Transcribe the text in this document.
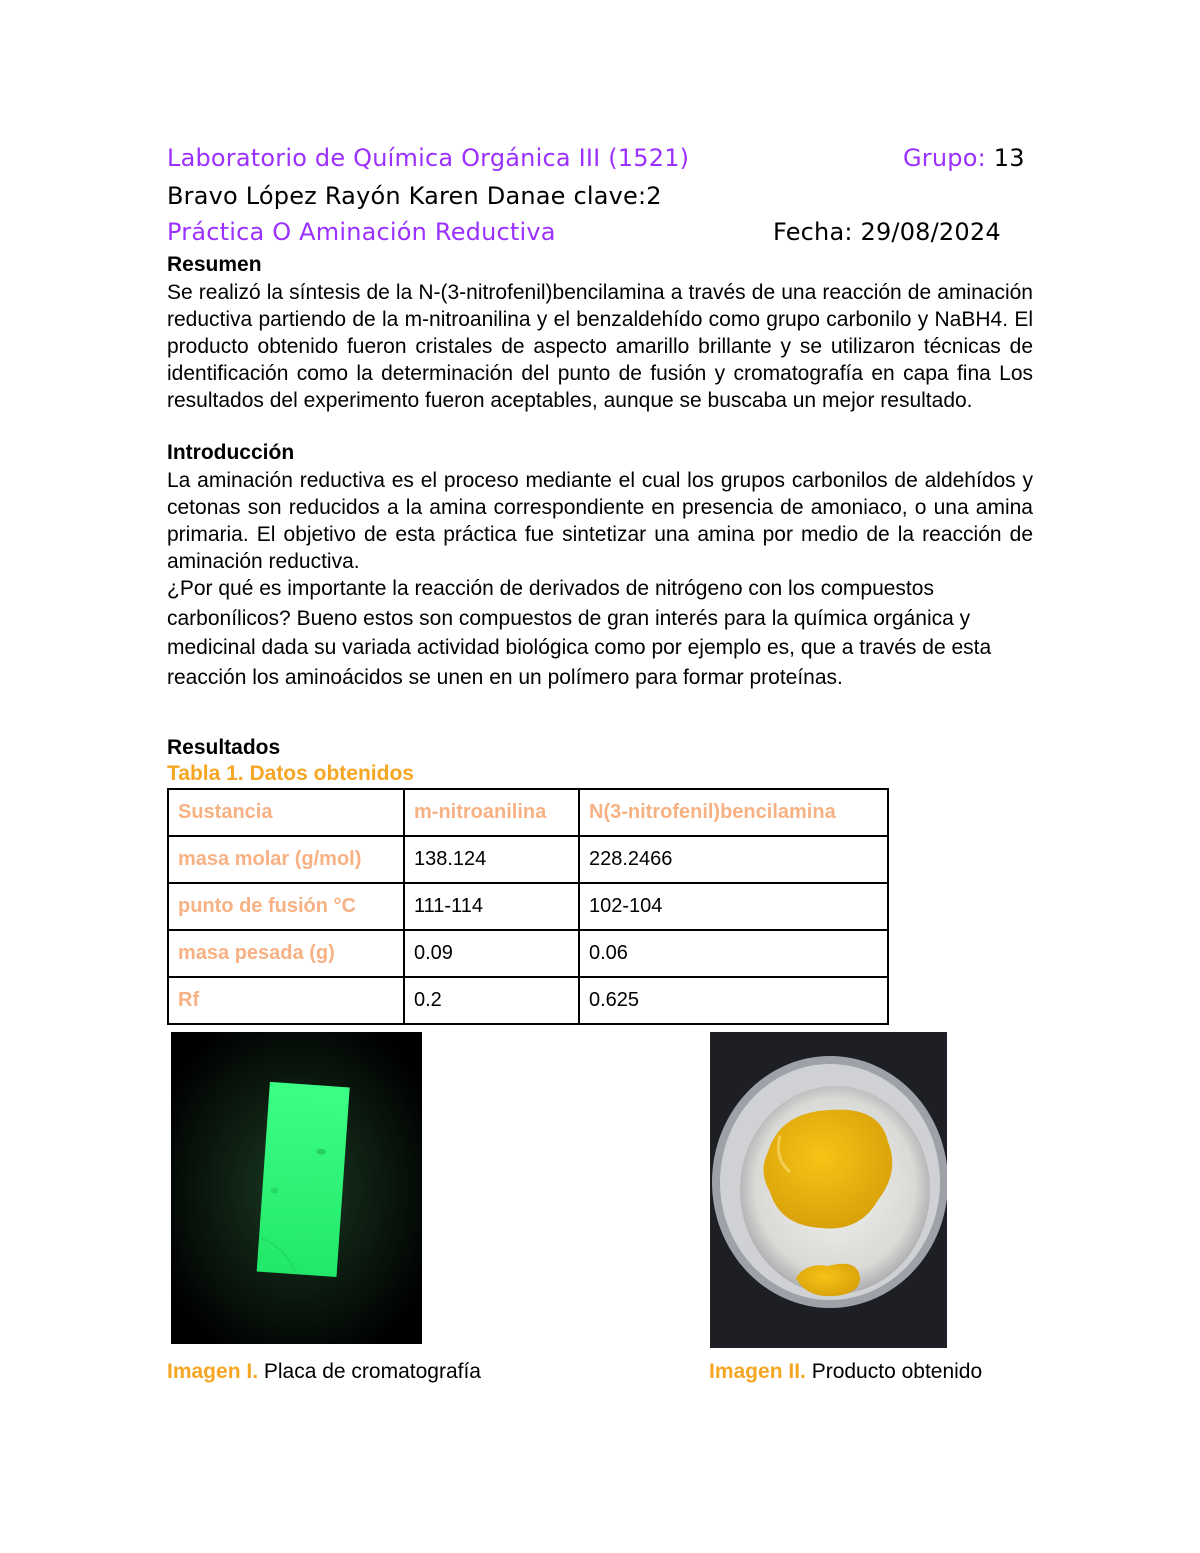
Laboratorio de Química Orgánica III (1521)	Grupo: 13
Bravo López Rayón Karen Danae clave:2
Práctica O Aminación Reductiva	Fecha: 29/08/2024
Resumen
Se realizó la síntesis de la N-(3-nitrofenil)bencilamina a través de una reacción de aminación reductiva partiendo de la m-nitroanilina y el benzaldehído como grupo carbonilo y NaBH4. El producto obtenido fueron cristales de aspecto amarillo brillante y se utilizaron técnicas de identificación como la determinación del punto de fusión y cromatografía en capa fina Los resultados del experimento fueron aceptables, aunque se buscaba un mejor resultado.
Introducción
La aminación reductiva es el proceso mediante el cual los grupos carbonilos de aldehídos y cetonas son reducidos a la amina correspondiente en presencia de amoniaco, o una amina primaria. El objetivo de esta práctica fue sintetizar una amina por medio de la reacción de aminación reductiva.
¿Por qué es importante la reacción de derivados de nitrógeno con los compuestos carbonílicos? Bueno estos son compuestos de gran interés para la química orgánica y medicinal dada su variada actividad biológica como por ejemplo es, que a través de esta reacción los aminoácidos se unen en un polímero para formar proteínas.
Resultados
Tabla 1. Datos obtenidos
Sustancia	m-nitroanilina	N(3-nitrofenil)bencilamina
masa molar (g/mol)	138.124	228.2466
punto de fusión °C	111-114	102-104
masa pesada (g)	0.09	0.06
Rf	0.2	0.625
Imagen I. Placa de cromatografía	Imagen II. Producto obtenido
